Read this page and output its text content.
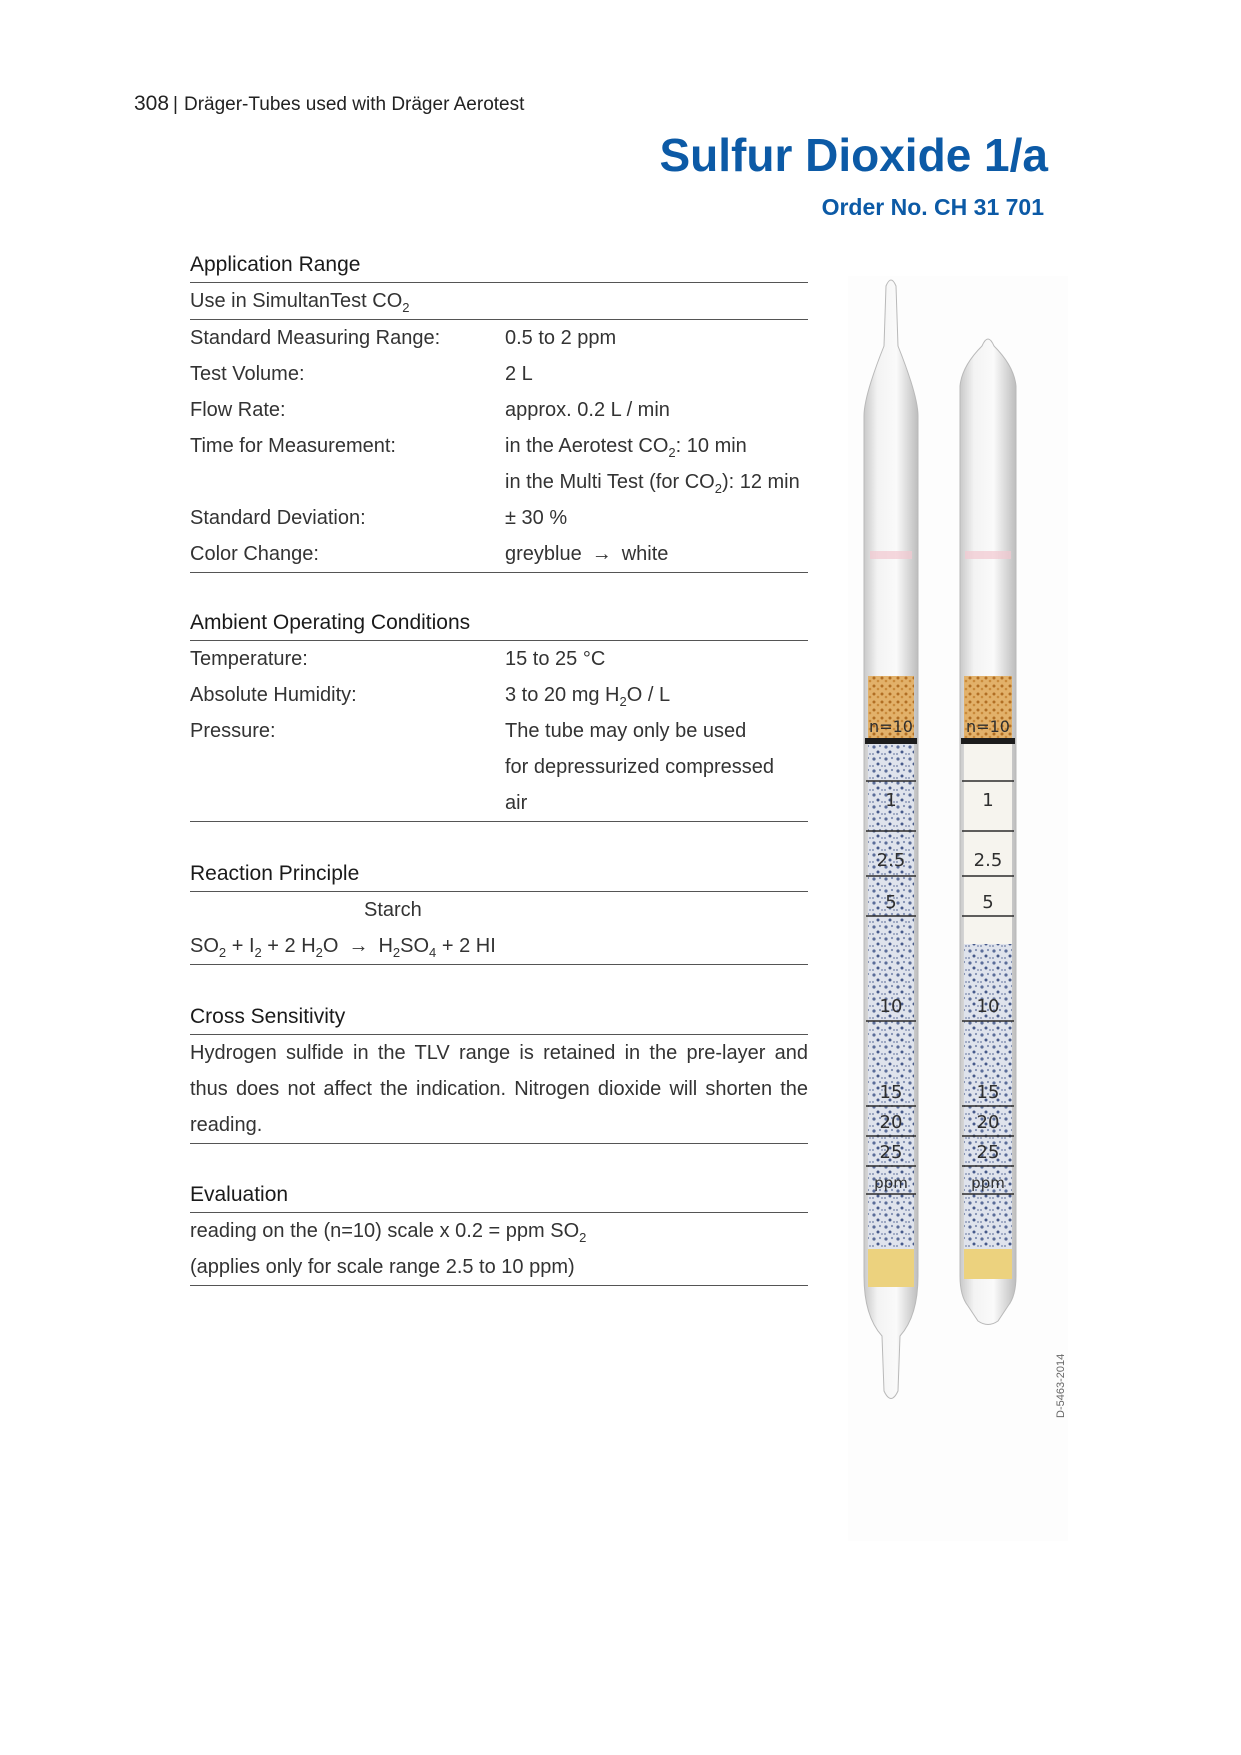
308 | Dräger-Tubes used with Dräger Aerotest
Sulfur Dioxide 1/a
Order No. CH 31 701
Application Range
Use in SimultanTest $CO_2$
Standard Measuring Range:	0.5 to 2 ppm
Test Volume:	2 L
Flow Rate:	approx. 0.2 L / min
Time for Measurement:	in the Aerotest $CO_2$: 10 min
in the Multi Test (for $CO_2$): 12 min
Standard Deviation:	± 30 %
Color Change:	greyblue → white
Ambient Operating Conditions
Temperature:	15 to 25 °C
Absolute Humidity:	3 to 20 mg $H_2O$ / L
Pressure:	The tube may only be used
for depressurized compressed
air
Reaction Principle
Starch
$SO_2 + I_2 + 2$ $H_2O \to H_2SO_4 + 2$ HI
Cross Sensitivity
Hydrogen sulfide in the TLV range is retained in the pre-layer and thus does not affect the indication. Nitrogen dioxide will shorten the reading.
Evaluation
reading on the (n=10) scale x 0.2 = ppm $SO_2$
(applies only for scale range 2.5 to 10 ppm)
n=10
1
2.5
5
10
15
20
25
ppm
n=10
1
2.5
5
10
15
20
25
ppm
D-5463-2014
